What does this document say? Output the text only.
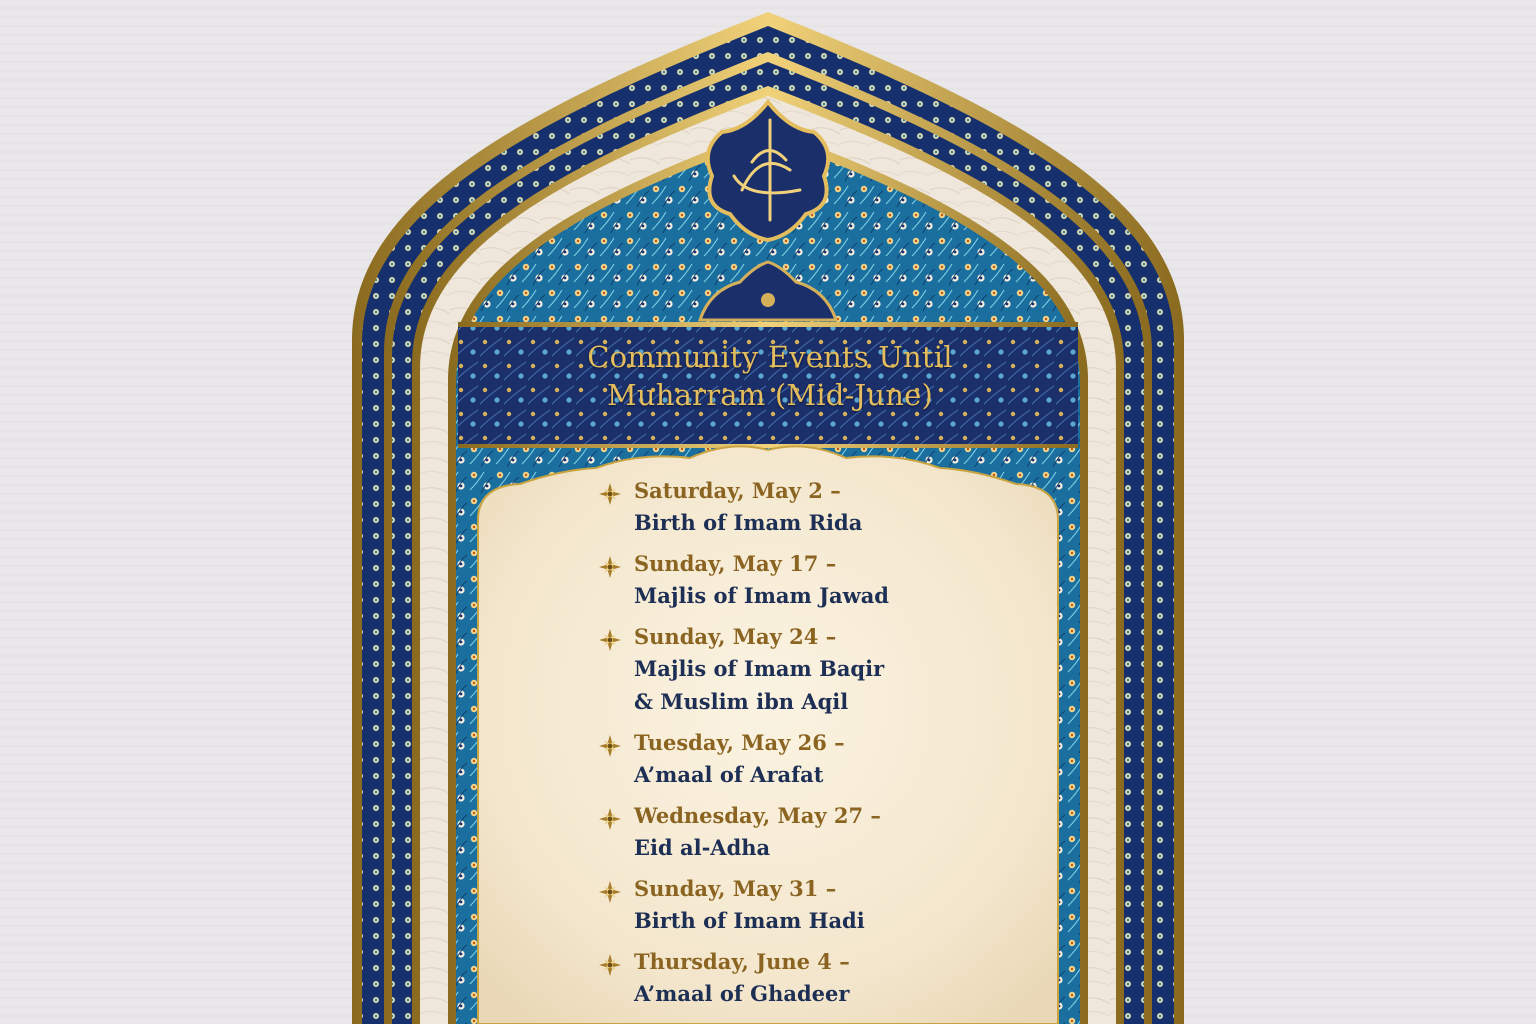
Community Events Until
Muharram (Mid-June)
Saturday, May 2 –
Birth of Imam Rida
Sunday, May 17 –
Majlis of Imam Jawad
Sunday, May 24 –
Majlis of Imam Baqir
& Muslim ibn Aqil
Tuesday, May 26 –
A’maal of Arafat
Wednesday, May 27 –
Eid al-Adha
Sunday, May 31 –
Birth of Imam Hadi
Thursday, June 4 –
A’maal of Ghadeer
